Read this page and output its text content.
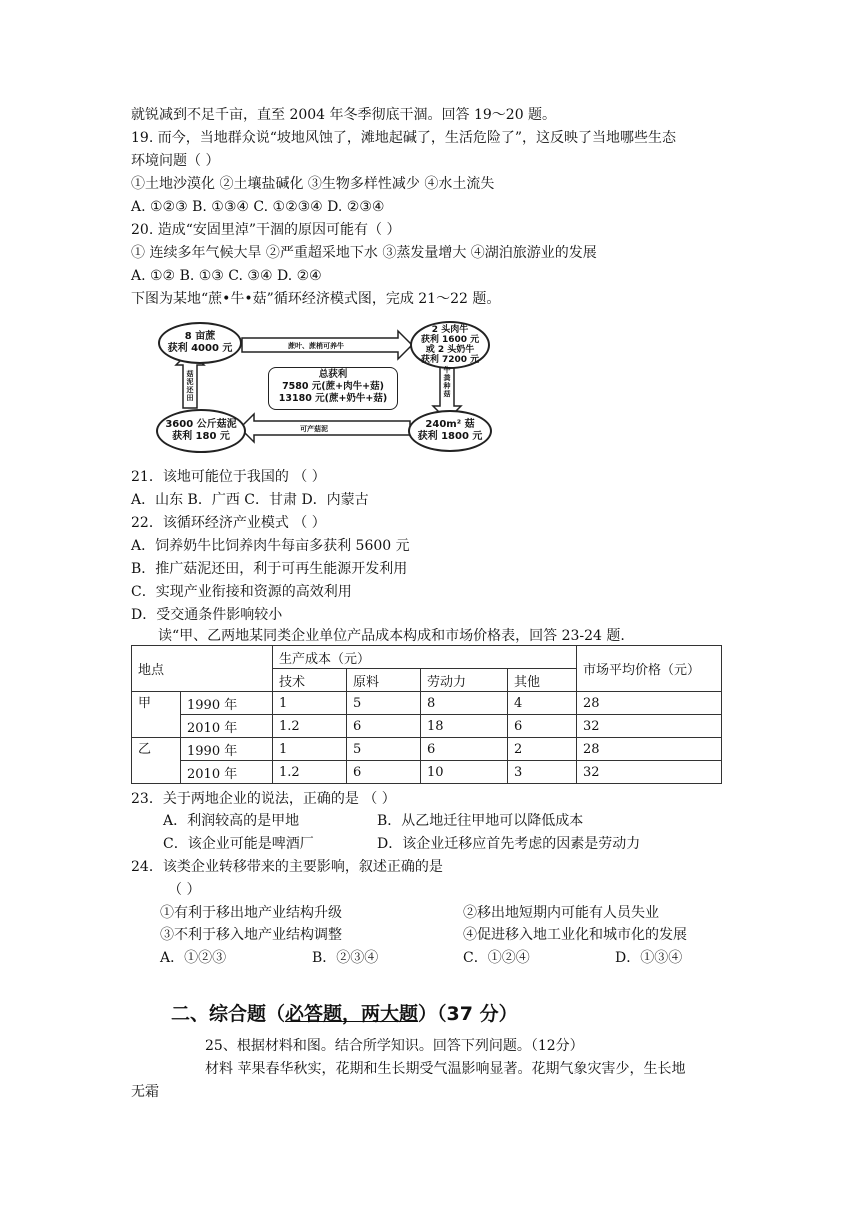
就锐减到不足千亩，直至 2004 年冬季彻底干涸。回答 19～20 题。
19. 而今，当地群众说“坡地风蚀了，滩地起碱了，生活危险了”，这反映了当地哪些生态
环境问题（ ）
①土地沙漠化 ②土壤盐碱化 ③生物多样性减少 ④水土流失
A. ①②③ B. ①③④ C. ①②③④ D. ②③④
20. 造成“安固里淖”干涸的原因可能有（ ）
① 连续多年气候大旱 ②严重超采地下水 ③蒸发量增大 ④湖泊旅游业的发展
A. ①② B. ①③ C. ③④ D. ②④
下图为某地“蔗•牛•菇”循环经济模式图，完成 21～22 题。
8 亩蔗
获利 4000 元
2 头肉牛
获利 1600 元
或 2 头奶牛
获利 7200 元
240m² 菇
获利 1800 元
3600 公斤菇泥
获利 180 元
蔗叶、蔗梢可养牛
牛粪种菇
可产菇泥
菇泥还田
总获利
7580 元(蔗+肉牛+菇)
13180 元(蔗+奶牛+菇)
21．该地可能位于我国的 （ ）
A．山东 B．广西 C．甘肃 D．内蒙古
22．该循环经济产业模式 （ ）
A．饲养奶牛比饲养肉牛每亩多获利 5600 元
B．推广菇泥还田，利于可再生能源开发利用
C．实现产业衔接和资源的高效利用
D．受交通条件影响较小
读“甲、乙两地某同类企业单位产品成本构成和市场价格表，回答 23-24 题.
地点		生产成本（元）				市场平均价格（元）
		技术	原料	劳动力	其他	
甲	1990 年	1	5	8	4	28
	2010 年	1.2	6	18	6	32
乙	1990 年	1	5	6	2	28
	2010 年	1.2	6	10	3	32
23．关于两地企业的说法，正确的是 （ ）
A．利润较高的是甲地	B．从乙地迁往甲地可以降低成本
C．该企业可能是啤酒厂	D．该企业迁移应首先考虑的因素是劳动力
24．该类企业转移带来的主要影响，叙述正确的是
（ ）
①有利于移出地产业结构升级	②移出地短期内可能有人员失业
③不利于移入地产业结构调整	④促进移入地工业化和城市化的发展
A．①②③	B．②③④	C．①②④	D．①③④
二、综合题（必答题，两大题）（37 分）
25、根据材料和图。结合所学知识。回答下列问题。（12分）
材料 苹果春华秋实，花期和生长期受气温影响显著。花期气象灾害少，生长地
无霜
